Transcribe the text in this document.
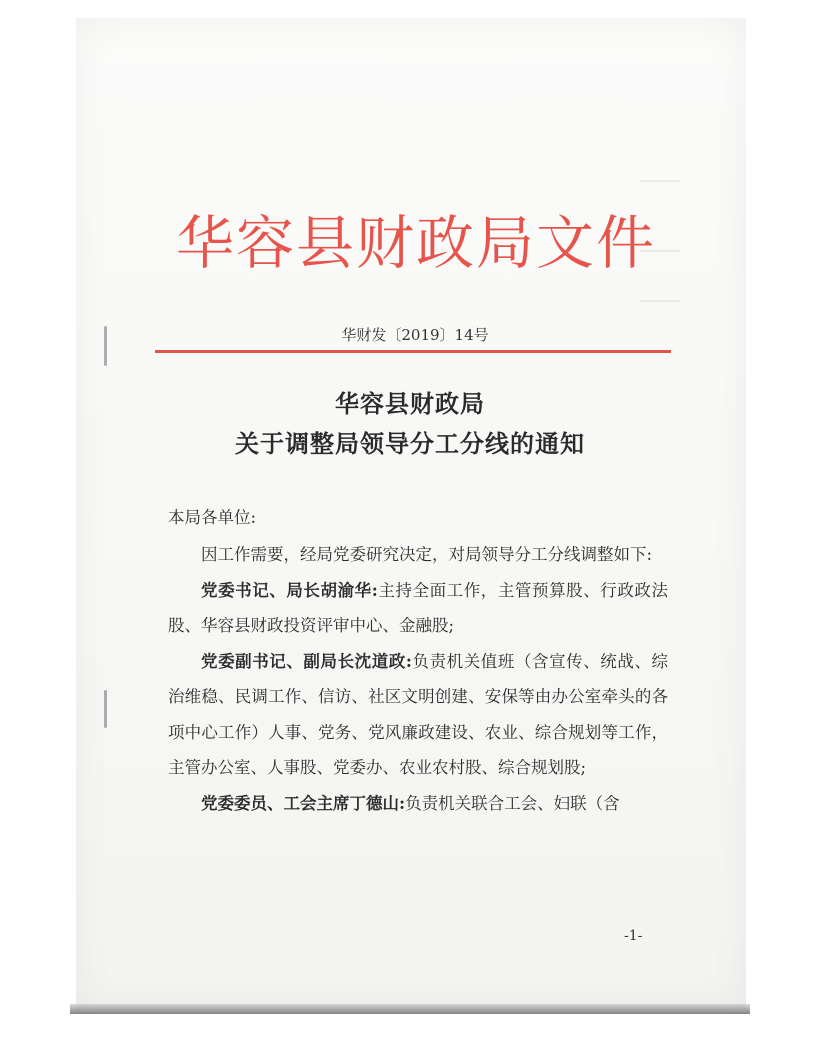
华容县财政局文件
华财发〔2019〕14号
华容县财政局
关于调整局领导分工分线的通知
本局各单位:

因工作需要，经局党委研究决定，对局领导分工分线调整如下:

党委书记、局长胡渝华:主持全面工作，主管预算股、行政政法股、华容县财政投资评审中心、金融股;

党委副书记、副局长沈道政:负责机关值班（含宣传、统战、综治维稳、民调工作、信访、社区文明创建、安保等由办公室牵头的各项中心工作）人事、党务、党风廉政建设、农业、综合规划等工作，主管办公室、人事股、党委办、农业农村股、综合规划股;

党委委员、工会主席丁德山:负责机关联合工会、妇联（含

-1-
